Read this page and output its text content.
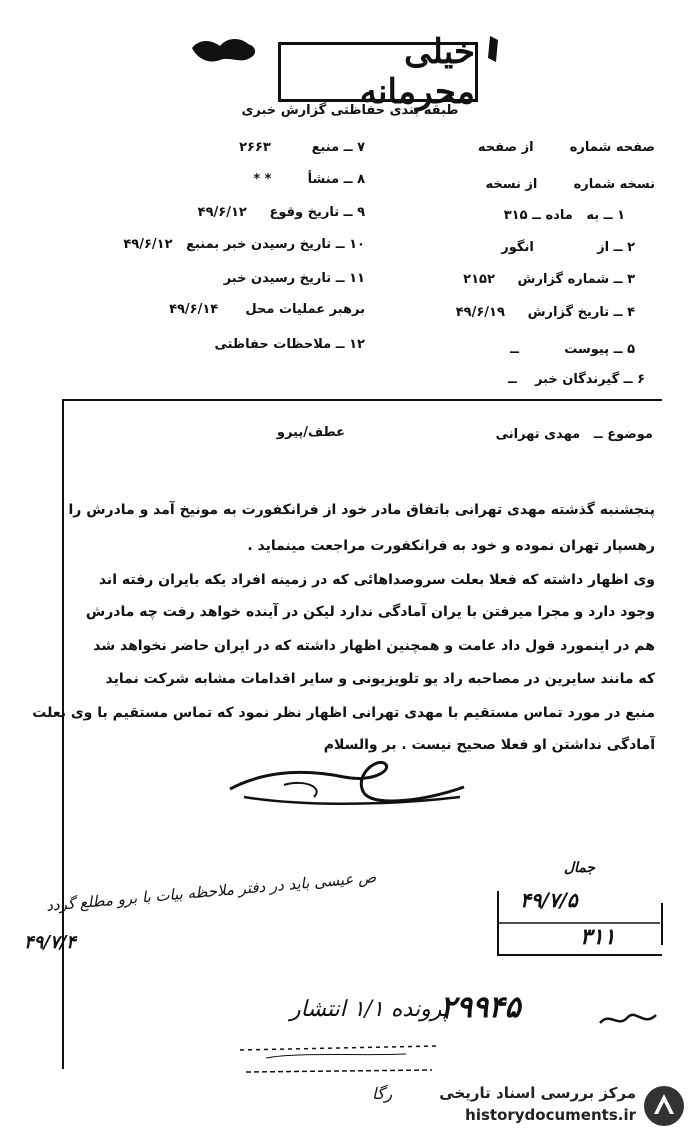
خیلی محرمانه
طبقه بندی حفاظتی گزارش خبری
صفحه شماره        از صفحه
نسخه شماره        از نسخه
۱ ــ به   ماده ــ ۳۱۵
۲ ــ از              انگور
۳ ــ شماره گزارش     ۲۱۵۲
۴ ــ تاریخ گزارش     ۴۹/۶/۱۹
۵ ــ پیوست          ــ
۶ ــ گیرندگان خبر    ــ
۷ ــ منبع         ۲۶۶۳
۸ ــ منشأ        * *
۹ ــ تاریخ وقوع     ۴۹/۶/۱۲
۱۰ ــ تاریخ رسیدن خبر بمنبع   ۴۹/۶/۱۲
۱۱ ــ تاریخ رسیدن خبر
برهبر عملیات محل      ۴۹/۶/۱۴
۱۲ ــ ملاحظات حفاظتی
موضوع ــ   مهدی تهرانی
عطف/پیرو
پنجشنبه گذشته مهدی تهرانی باتفاق مادر خود از فرانکفورت به مونیخ آمد و مادرش را
رهسپار تهران نموده و خود به فرانکفورت مراجعت مینماید .
وی اظهار داشته که فعلا بعلت سروصداهائی که در زمینه افراد یکه بایران رفته اند
وجود دارد و مجرا میرفتن با یران آمادگی ندارد لیکن در آینده خواهد رفت چه مادرش
هم در اینمورد قول داد عامت و همچنین اظهار داشته که در ایران حاضر نخواهد شد
که مانند سایرین در مصاحبه راد یو تلویزیونی و سایر اقدامات مشابه شرکت نماید
منبع در مورد تماس مستقیم با مهدی تهرانی اظهار نظر نمود که تماس مستقیم با وی بعلت
آمادگی نداشتن او فعلا صحیح نیست . بر والسلام
جمال
ص عیسی باید در دفتر ملاحظه بیات با برو مطلع گردد
۴۹/۷/۴
۴۹/۷/۵
۳۱۱
پرونده ۱/۱ انتشار
۲۹۹۴۵
رگا	مرکز بررسی اسناد تاریخی
historydocuments.ir
